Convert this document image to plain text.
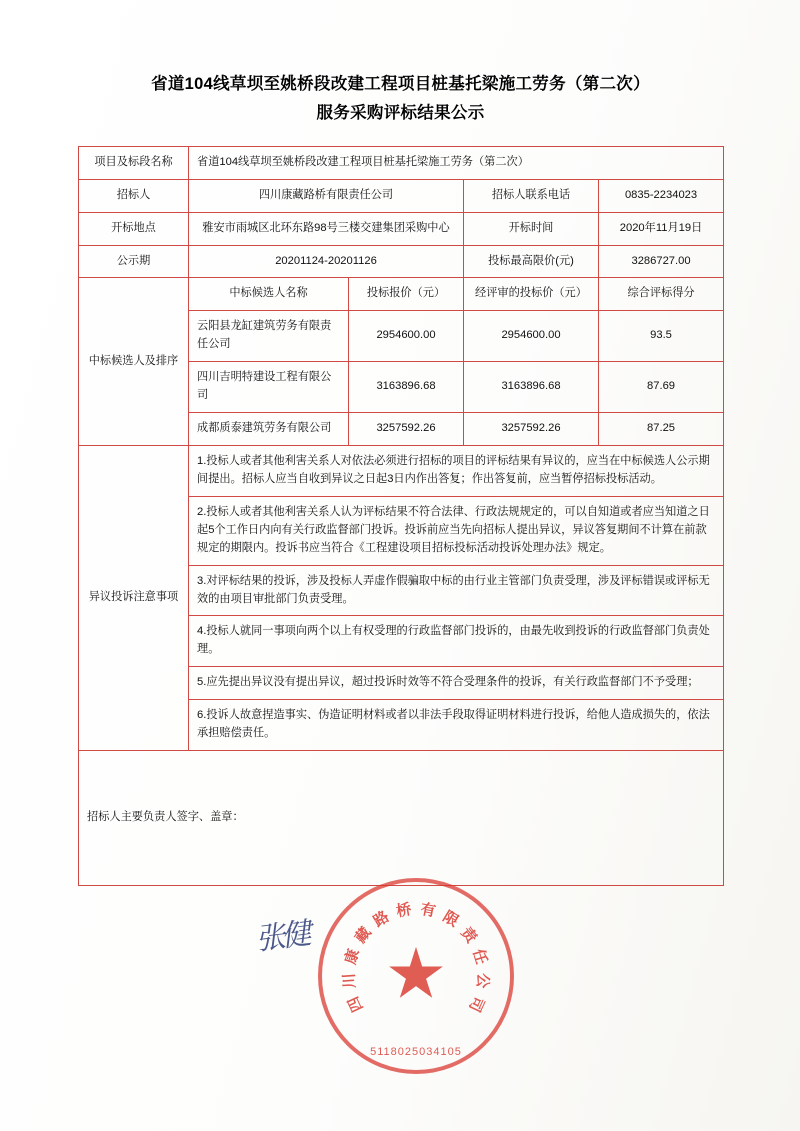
省道104线草坝至姚桥段改建工程项目桩基托梁施工劳务（第二次）
服务采购评标结果公示
项目及标段名称	省道104线草坝至姚桥段改建工程项目桩基托梁施工劳务（第二次）			
招标人	四川康藏路桥有限责任公司		招标人联系电话	0835-2234023
开标地点	雅安市雨城区北环东路98号三楼交建集团采购中心		开标时间	2020年11月19日
公示期	20201124-20201126		投标最高限价(元)	3286727.00
中标候选人及排序	中标候选人名称	投标报价（元）	经评审的投标价（元）	综合评标得分
	云阳县龙缸建筑劳务有限责任公司	2954600.00	2954600.00	93.5
	四川吉明特建设工程有限公司	3163896.68	3163896.68	87.69
	成都质泰建筑劳务有限公司	3257592.26	3257592.26	87.25
异议投诉注意事项	1.投标人或者其他利害关系人对依法必须进行招标的项目的评标结果有异议的，应当在中标候选人公示期间提出。招标人应当自收到异议之日起3日内作出答复；作出答复前，应当暂停招标投标活动。			
	2.投标人或者其他利害关系人认为评标结果不符合法律、行政法规规定的，可以自知道或者应当知道之日起5个工作日内向有关行政监督部门投诉。投诉前应当先向招标人提出异议，异议答复期间不计算在前款规定的期限内。投诉书应当符合《工程建设项目招标投标活动投诉处理办法》规定。			
	3.对评标结果的投诉，涉及投标人弄虚作假骗取中标的由行业主管部门负责受理，涉及评标错误或评标无效的由项目审批部门负责受理。			
	4.投标人就同一事项向两个以上有权受理的行政监督部门投诉的，由最先收到投诉的行政监督部门负责处理。			
	5.应先提出异议没有提出异议，超过投诉时效等不符合受理条件的投诉，有关行政监督部门不予受理；			
	6.投诉人故意捏造事实、伪造证明材料或者以非法手段取得证明材料进行投诉，给他人造成损失的，依法承担赔偿责任。			
招标人主要负责人签字、盖章：				
张健
四
川
康
藏
路 桥 有 限
责
任
公
司
5118025034105
